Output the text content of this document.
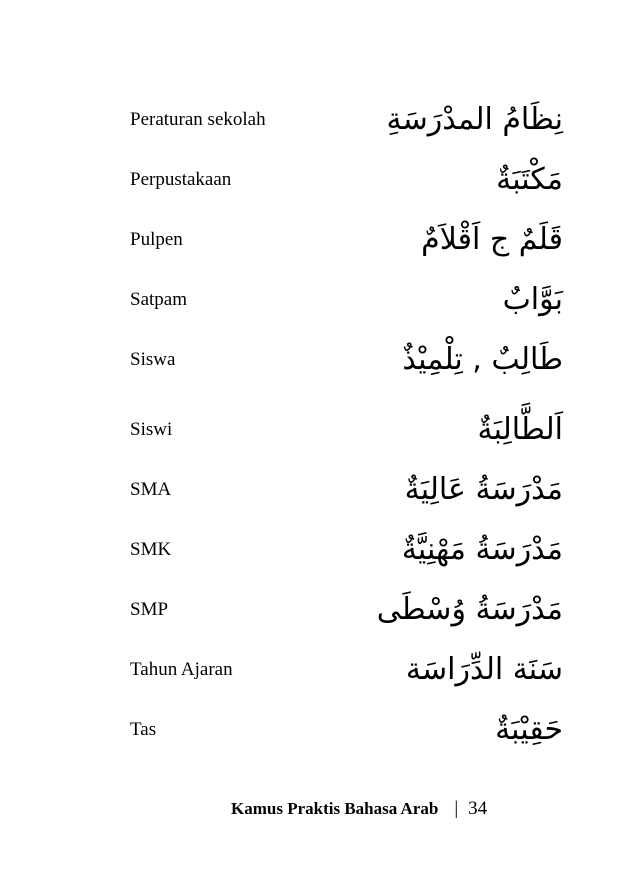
Peraturan sekolah	نِظَامُ المدْرَسَةِ
Perpustakaan	مَكْتَبَةٌ
Pulpen	قَلَمٌ ج اَقْلاَمٌ
Satpam	بَوَّابٌ
Siswa	طَالِبٌ , تِلْمِيْذٌ
Siswi	اَلطَّالِبَةٌ
SMA	مَدْرَسَةُ عَالِيَةٌ
SMK	مَدْرَسَةُ مَهْنِيَّةٌ
SMP	مَدْرَسَةُ وُسْطَى
Tahun Ajaran	سَنَة الدِّرَاسَة
Tas	حَقِيْبَةٌ
Kamus Praktis Bahasa Arab | 34
